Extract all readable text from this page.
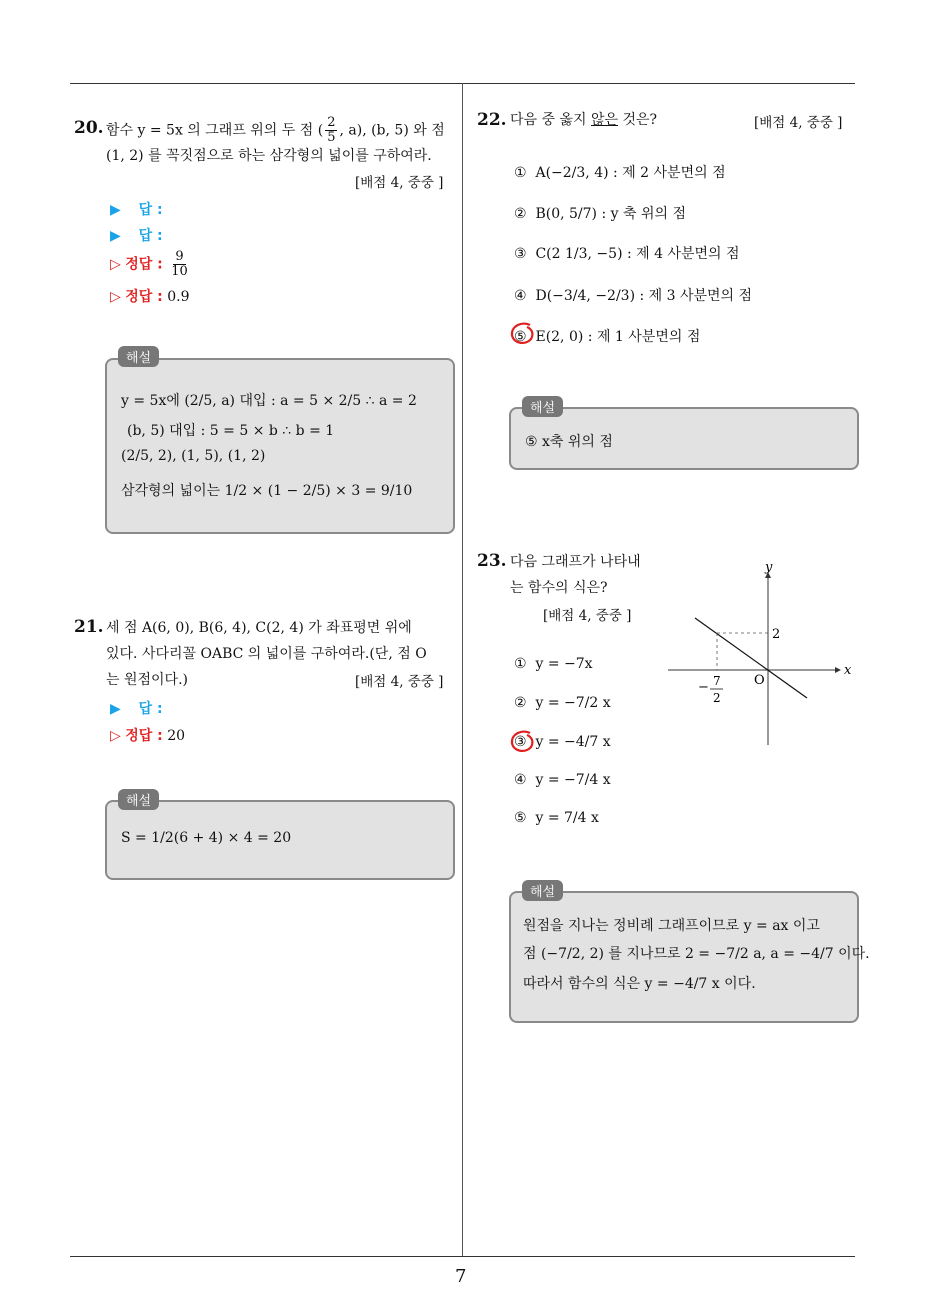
7
20. 함수 y = 5x 의 그래프 위의 두 점 ( $\frac{2}{5}$ , a), (b, 5) 와 점
(1, 2) 를 꼭짓점으로 하는 삼각형의 넓이를 구하여라.
[배점 4, 중중 ]
▶ 답 :
▶ 답 :
▷ 정답 : $\frac{9}{10}$
▷ 정답 : 0.9
y = 5x에 (2/5, a) 대입 : a = 5 × 2/5 ∴ a = 2
(b, 5) 대입 : 5 = 5 × b ∴ b = 1
(2/5, 2), (1, 5), (1, 2)
삼각형의 넓이는 1/2 × (1 − 2/5) × 3 = 9/10
해설
21. 세 점 A(6, 0), B(6, 4), C(2, 4) 가 좌표평면 위에
있다. 사다리꼴 OABC 의 넓이를 구하여라.(단, 점 O
는 원점이다.)	[배점 4, 중중 ]
▶ 답 :
▷ 정답 : 20
S = 1/2(6 + 4) × 4 = 20
해설
22. 다음 중 옳지 않은 것은?	[배점 4, 중중 ]
① A(−2/3, 4) : 제 2 사분면의 점
② B(0, 5/7) : y 축 위의 점
③ C(2 1/3, −5) : 제 4 사분면의 점
④ D(−3/4, −2/3) : 제 3 사분면의 점
⑤ E(2, 0) : 제 1 사분면의 점
⑤ x축 위의 점
해설
23. 다음 그래프가 나타내
는 함수의 식은?
[배점 4, 중중 ]
y
x
O
2
− 7
2
① y = −7x
② y = −7/2 x
③ y = −4/7 x
④ y = −7/4 x
⑤ y = 7/4 x
원점을 지나는 정비례 그래프이므로 y = ax 이고
점 (−7/2, 2) 를 지나므로 2 = −7/2 a, a = −4/7 이다.
따라서 함수의 식은 y = −4/7 x 이다.
해설
